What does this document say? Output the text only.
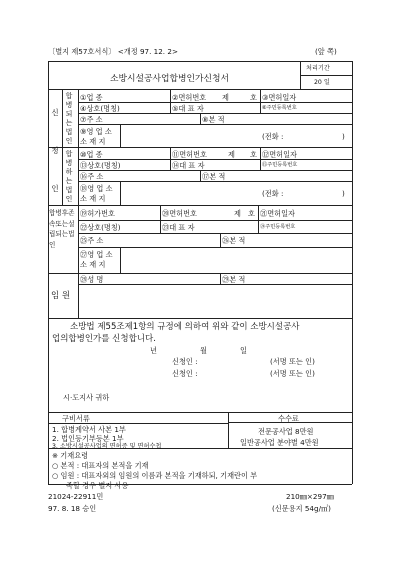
〔별지 제57호서식〕 <개정 97. 12. 2>	(앞 쪽)
소방시설공사업합병인가신청서
처리기간
20 일
신 청 인
합병되는법인
합병하는법인
합병후존속또는설립되는법인
①업 종	②면허번호 제	호 ③면허일자
④상호(명칭)	⑤대 표 자	⑥주민등록번호
⑦주 소	⑧본 적
⑨영 업 소 소 재 지
(전화 :	)
⑩업 종	⑪면허번호	제 호 ⑫면허일자
⑬상호(명칭)	⑭대 표 자	⑮주민등록번호
⑯주 소	⑰본 적
⑱영 업 소 소 재 지
(전화 :	)
⑲허가번호	⑳면허번호	제 호 ㉑면허일자
㉒상호(명칭)	㉓대 표 자	㉔주민등록번호
㉕주 소	㉖본 적
㉗영 업 소 소 재 지
임 원
㉘성 명	㉙본 적
소방법 제55조제1항의 규정에 의하여 위와 같이 소방시설공사
업의합병인가를 신청합니다.
년	월	일
신청인 :	(서명 또는 인)
신청인 :	(서명 또는 인)
시·도지사 귀하
구비서류
1. 합병계약서 사본 1부
2. 법인등기부등본 1부
3. 소방시설공사업의 면허증 및 면허수첩
수수료
전문공사업 8만원
일반공사업 분야별 4만원
※ 기재요령
○ 본적 : 대표자의 본적을 기재
○ 임원 : 대표자외의 임원의 이름과 본적을 기재하되, 기재란이 부
족할 경우 별지 사용
21024-22911민
97. 8. 18 승인
210㎜×297㎜
(신문용지 54g/㎡)
